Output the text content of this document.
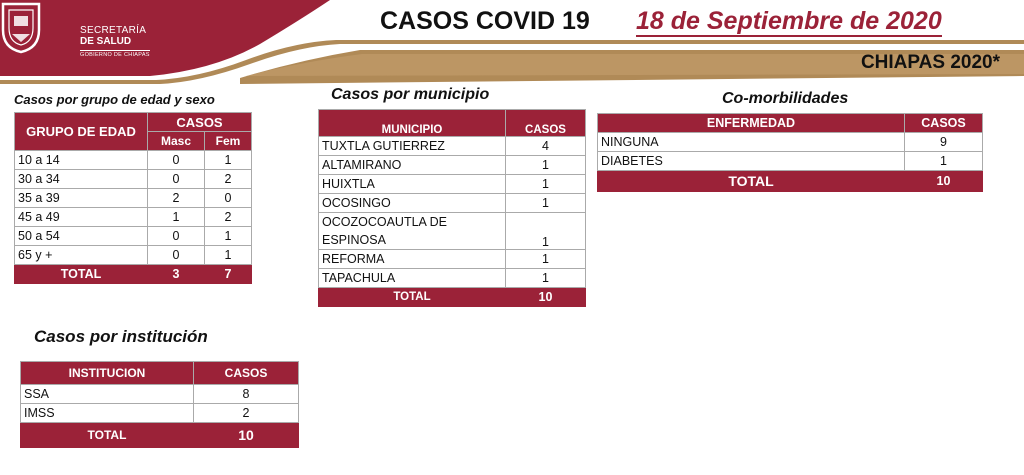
SECRETARÍA
DE SALUD
GOBIERNO DE CHIAPAS
CASOS COVID 19 18 de Septiembre de 2020
CHIAPAS 2020*
Casos por grupo de edad y sexo
GRUPO DE EDAD	CASOS	
	Masc	Fem
10 a 14	0	1
30 a 34	0	2
35 a 39	2	0
45 a 49	1	2
50 a 54	0	1
65 y +	0	1
TOTAL	3	7
Casos por municipio
MUNICIPIO	CASOS
TUXTLA GUTIERREZ	4
ALTAMIRANO	1
HUIXTLA	1
OCOSINGO	1
OCOZOCOAUTLA DE ESPINOSA	1
REFORMA	1
TAPACHULA	1
TOTAL	10
Co-morbilidades
ENFERMEDAD	CASOS
NINGUNA	9
DIABETES	1
TOTAL	10
Casos por institución
INSTITUCION	CASOS
SSA	8
IMSS	2
TOTAL	10
